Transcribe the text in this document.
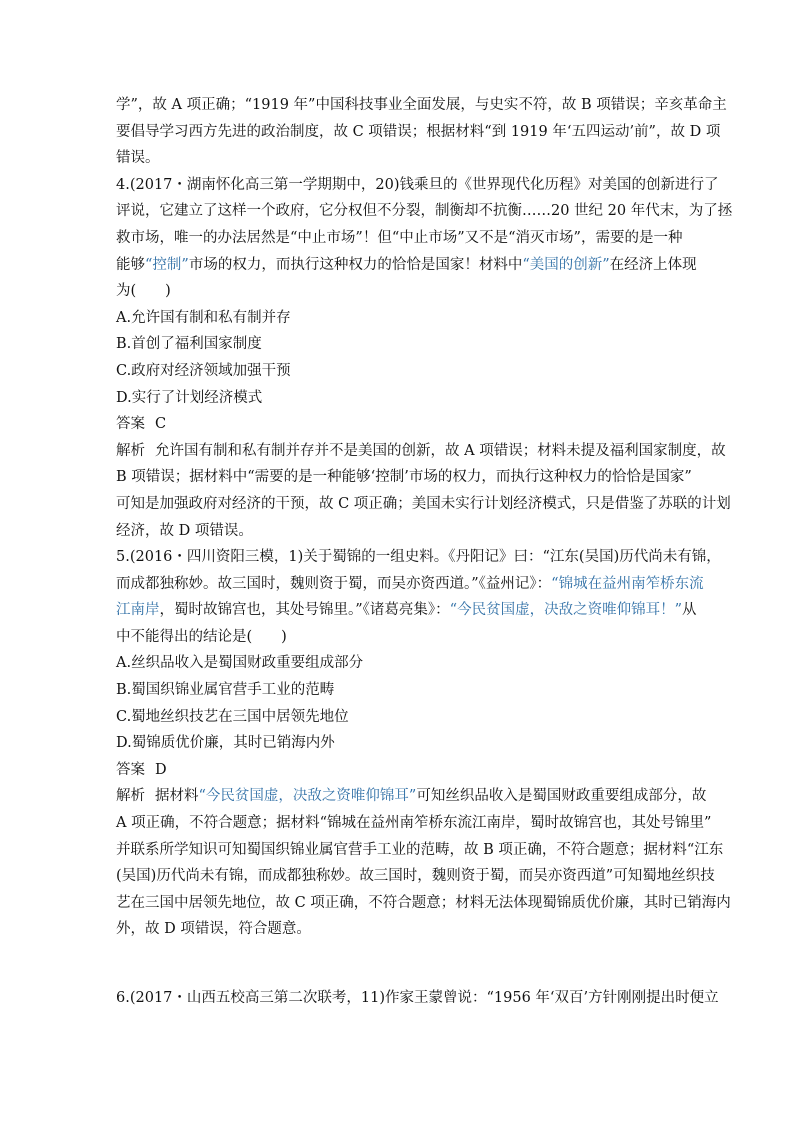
学”，故 A 项正确；“1919 年”中国科技事业全面发展，与史实不符，故 B 项错误；辛亥革命主
要倡导学习西方先进的政治制度，故 C 项错误；根据材料“到 1919 年‘五四运动’前”，故 D 项
错误。
4.(2017・湖南怀化高三第一学期期中，20)钱乘旦的《世界现代化历程》对美国的创新进行了
评说，它建立了这样一个政府，它分权但不分裂，制衡却不抗衡……20 世纪 20 年代末，为了拯
救市场，唯一的办法居然是“中止市场”！但“中止市场”又不是“消灭市场”，需要的是一种
能够“控制”市场的权力，而执行这种权力的恰恰是国家！材料中“美国的创新”在经济上体现
为(　　)
A.允许国有制和私有制并存
B.首创了福利国家制度
C.政府对经济领域加强干预
D.实行了计划经济模式
答案 C
解析 允许国有制和私有制并存并不是美国的创新，故 A 项错误；材料未提及福利国家制度，故
B 项错误；据材料中“需要的是一种能够‘控制’市场的权力，而执行这种权力的恰恰是国家”
可知是加强政府对经济的干预，故 C 项正确；美国未实行计划经济模式，只是借鉴了苏联的计划
经济，故 D 项错误。
5.(2016・四川资阳三模，1)关于蜀锦的一组史料。《丹阳记》曰：“江东(吴国)历代尚未有锦，
而成都独称妙。故三国时，魏则资于蜀，而吴亦资西道。”《益州记》：“锦城在益州南笮桥东流
江南岸，蜀时故锦宫也，其处号锦里。”《诸葛亮集》：“今民贫国虚，决敌之资唯仰锦耳！”从
中不能得出的结论是(　　)
A.丝织品收入是蜀国财政重要组成部分
B.蜀国织锦业属官营手工业的范畴
C.蜀地丝织技艺在三国中居领先地位
D.蜀锦质优价廉，其时已销海内外
答案 D
解析 据材料“今民贫国虚，决敌之资唯仰锦耳”可知丝织品收入是蜀国财政重要组成部分，故
A 项正确，不符合题意；据材料“锦城在益州南笮桥东流江南岸，蜀时故锦宫也，其处号锦里”
并联系所学知识可知蜀国织锦业属官营手工业的范畴，故 B 项正确，不符合题意；据材料“江东
(吴国)历代尚未有锦，而成都独称妙。故三国时，魏则资于蜀，而吴亦资西道”可知蜀地丝织技
艺在三国中居领先地位，故 C 项正确，不符合题意；材料无法体现蜀锦质优价廉，其时已销海内
外，故 D 项错误，符合题意。
6.(2017・山西五校高三第二次联考，11)作家王蒙曾说：“1956 年‘双百’方针刚刚提出时便立
